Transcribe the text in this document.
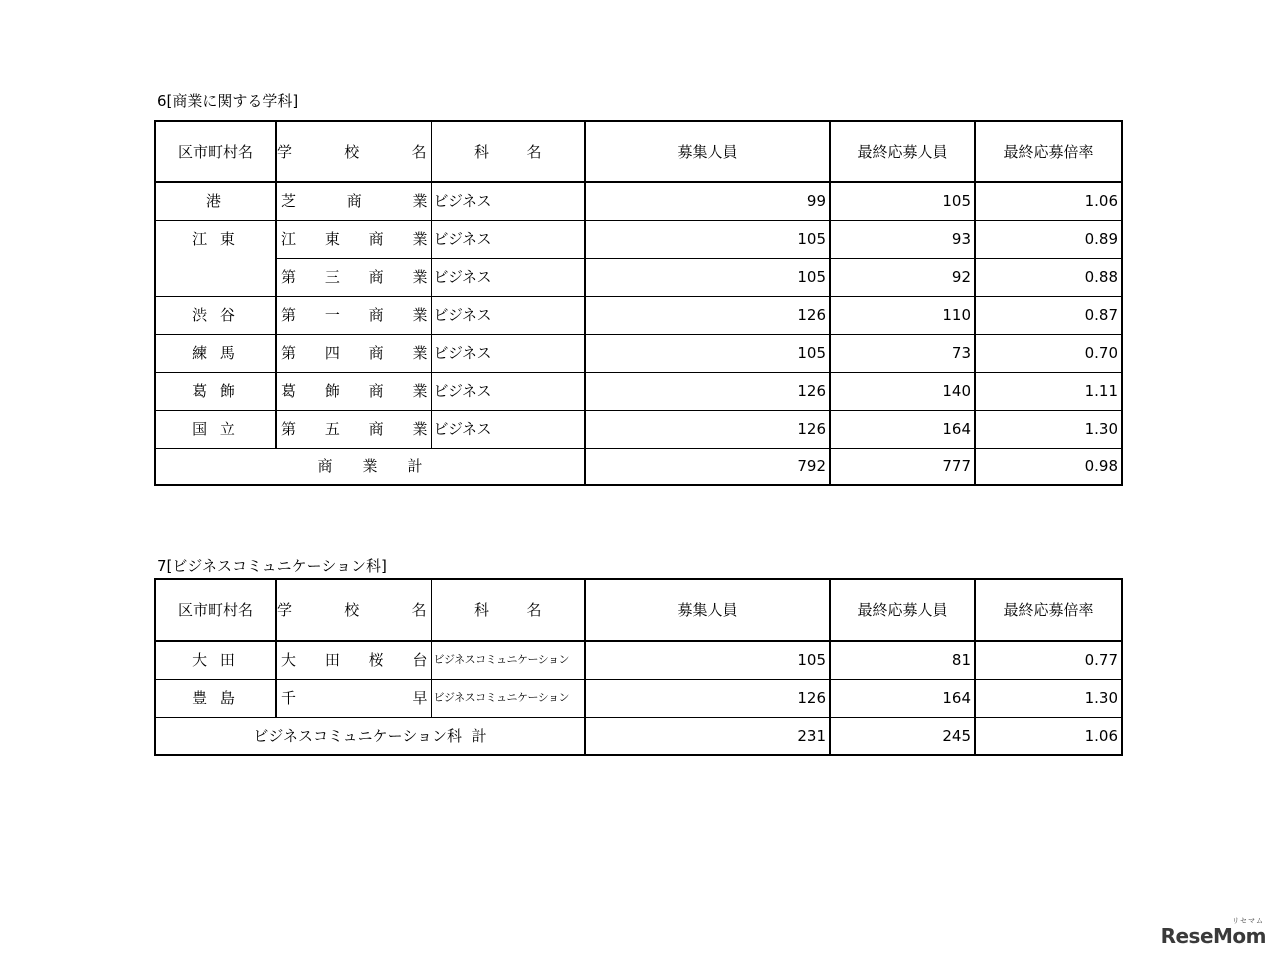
6[商業に関する学科]
区市町村名	学 校 名	科 名	募集人員	最終応募人員	最終応募倍率
港	芝 商 業	ビジネス	99	105	1.06
江 東	江 東 商 業	ビジネス	105	93	0.89

	第 三 商 業	ビジネス	105	92	0.88
渋 谷	第 一 商 業	ビジネス	126	110	0.87
練 馬	第 四 商 業	ビジネス	105	73	0.70
葛 飾	葛 飾 商 業	ビジネス	126	140	1.11
国 立	第 五 商 業	ビジネス	126	164	1.30

商 業 計			792	777	0.98
7[ビジネスコミュニケーション科]
区市町村名	学 校 名	科 名	募集人員	最終応募人員	最終応募倍率
大 田	大 田 桜 台	ビジネスコミュニケーション	105	81	0.77
豊 島	千 早	ビジネスコミュニケーション	126	164	1.30
ビジネスコミュニケーション科  計			231	245	1.06
ReseMom
リセマム
